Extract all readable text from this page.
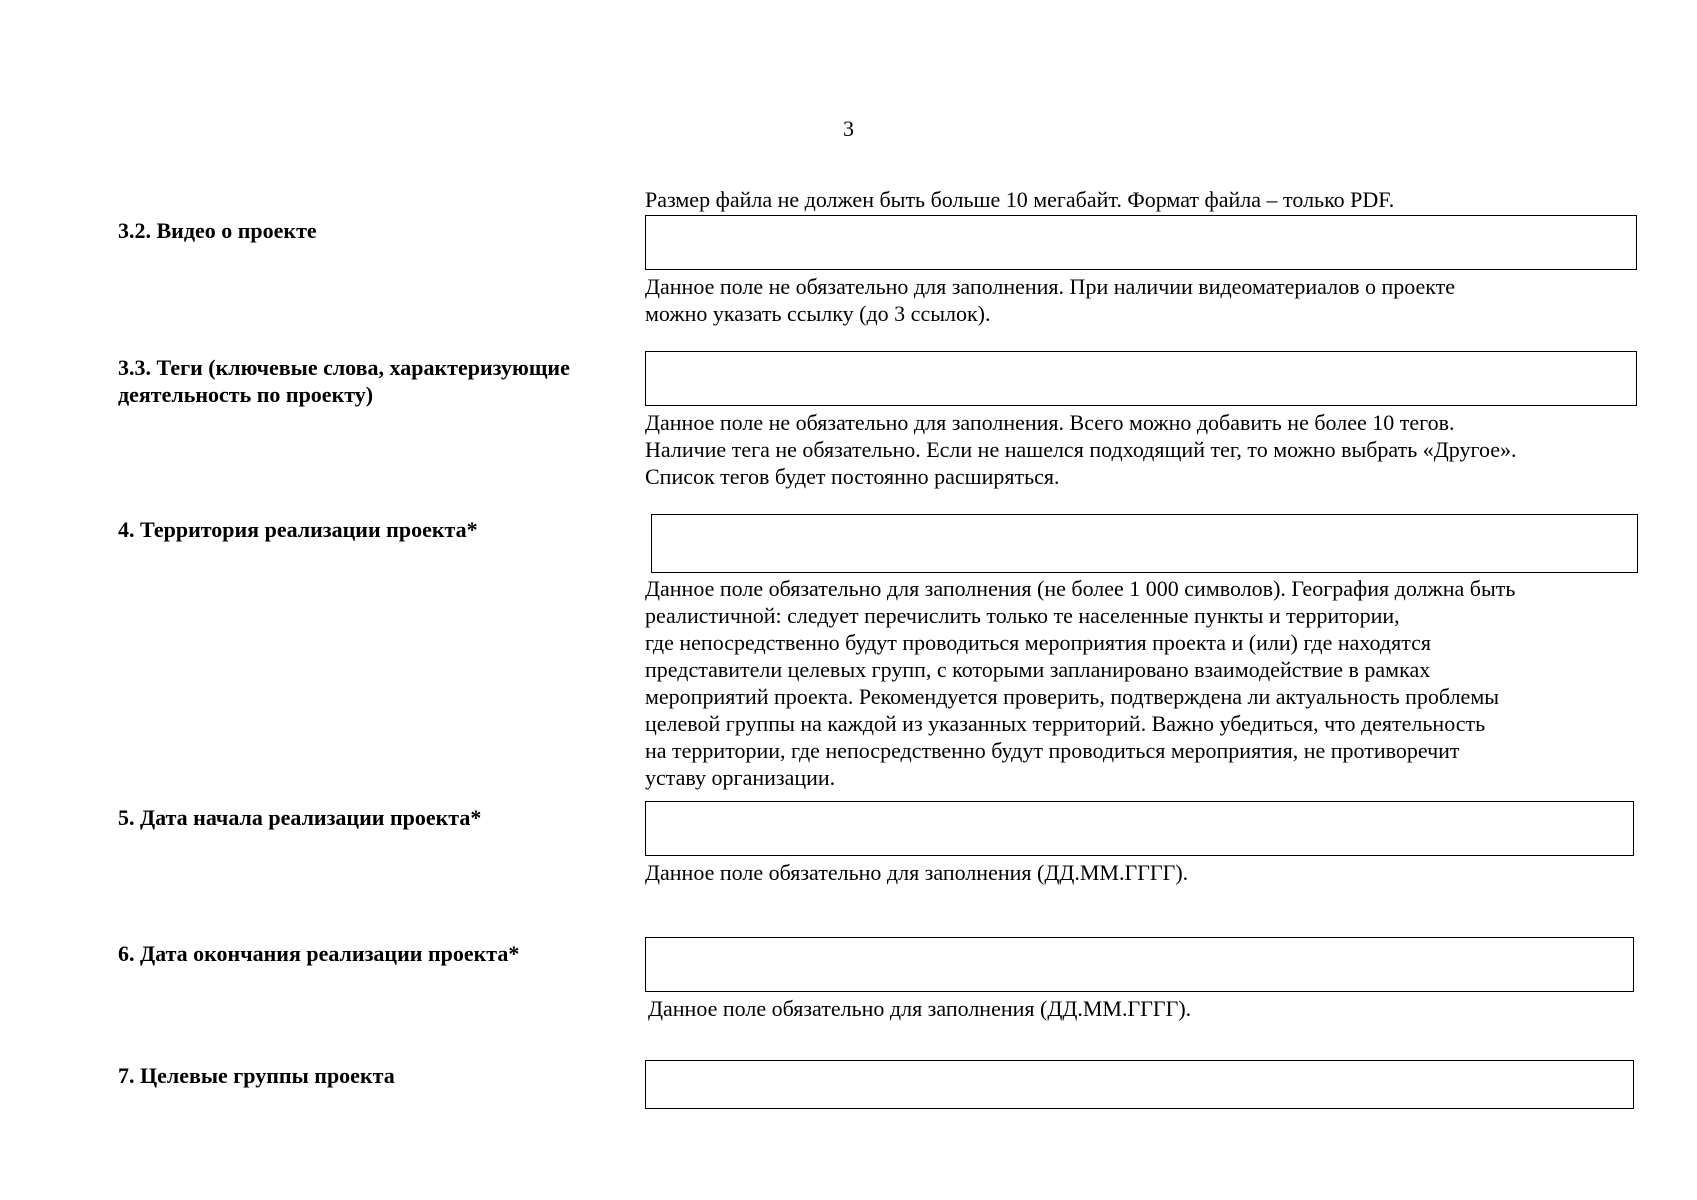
3
Размер файла не должен быть больше 10 мегабайт. Формат файла – только PDF.
3.2. Видео о проекте
Данное поле не обязательно для заполнения. При наличии видеоматериалов о проекте
можно указать ссылку (до 3 ссылок).
3.3. Теги (ключевые слова, характеризующие деятельность по проекту)
Данное поле не обязательно для заполнения. Всего можно добавить не более 10 тегов.
Наличие тега не обязательно. Если не нашелся подходящий тег, то можно выбрать «Другое».
Список тегов будет постоянно расширяться.
4. Территория реализации проекта*
Данное поле обязательно для заполнения (не более 1 000 символов). География должна быть
реалистичной: следует перечислить только те населенные пункты и территории,
где непосредственно будут проводиться мероприятия проекта и (или) где находятся
представители целевых групп, с которыми запланировано взаимодействие в рамках
мероприятий проекта. Рекомендуется проверить, подтверждена ли актуальность проблемы
целевой группы на каждой из указанных территорий. Важно убедиться, что деятельность
на территории, где непосредственно будут проводиться мероприятия, не противоречит
уставу организации.
5. Дата начала реализации проекта*
Данное поле обязательно для заполнения (ДД.ММ.ГГГГ).
6. Дата окончания реализации проекта*
Данное поле обязательно для заполнения (ДД.ММ.ГГГГ).
7. Целевые группы проекта
